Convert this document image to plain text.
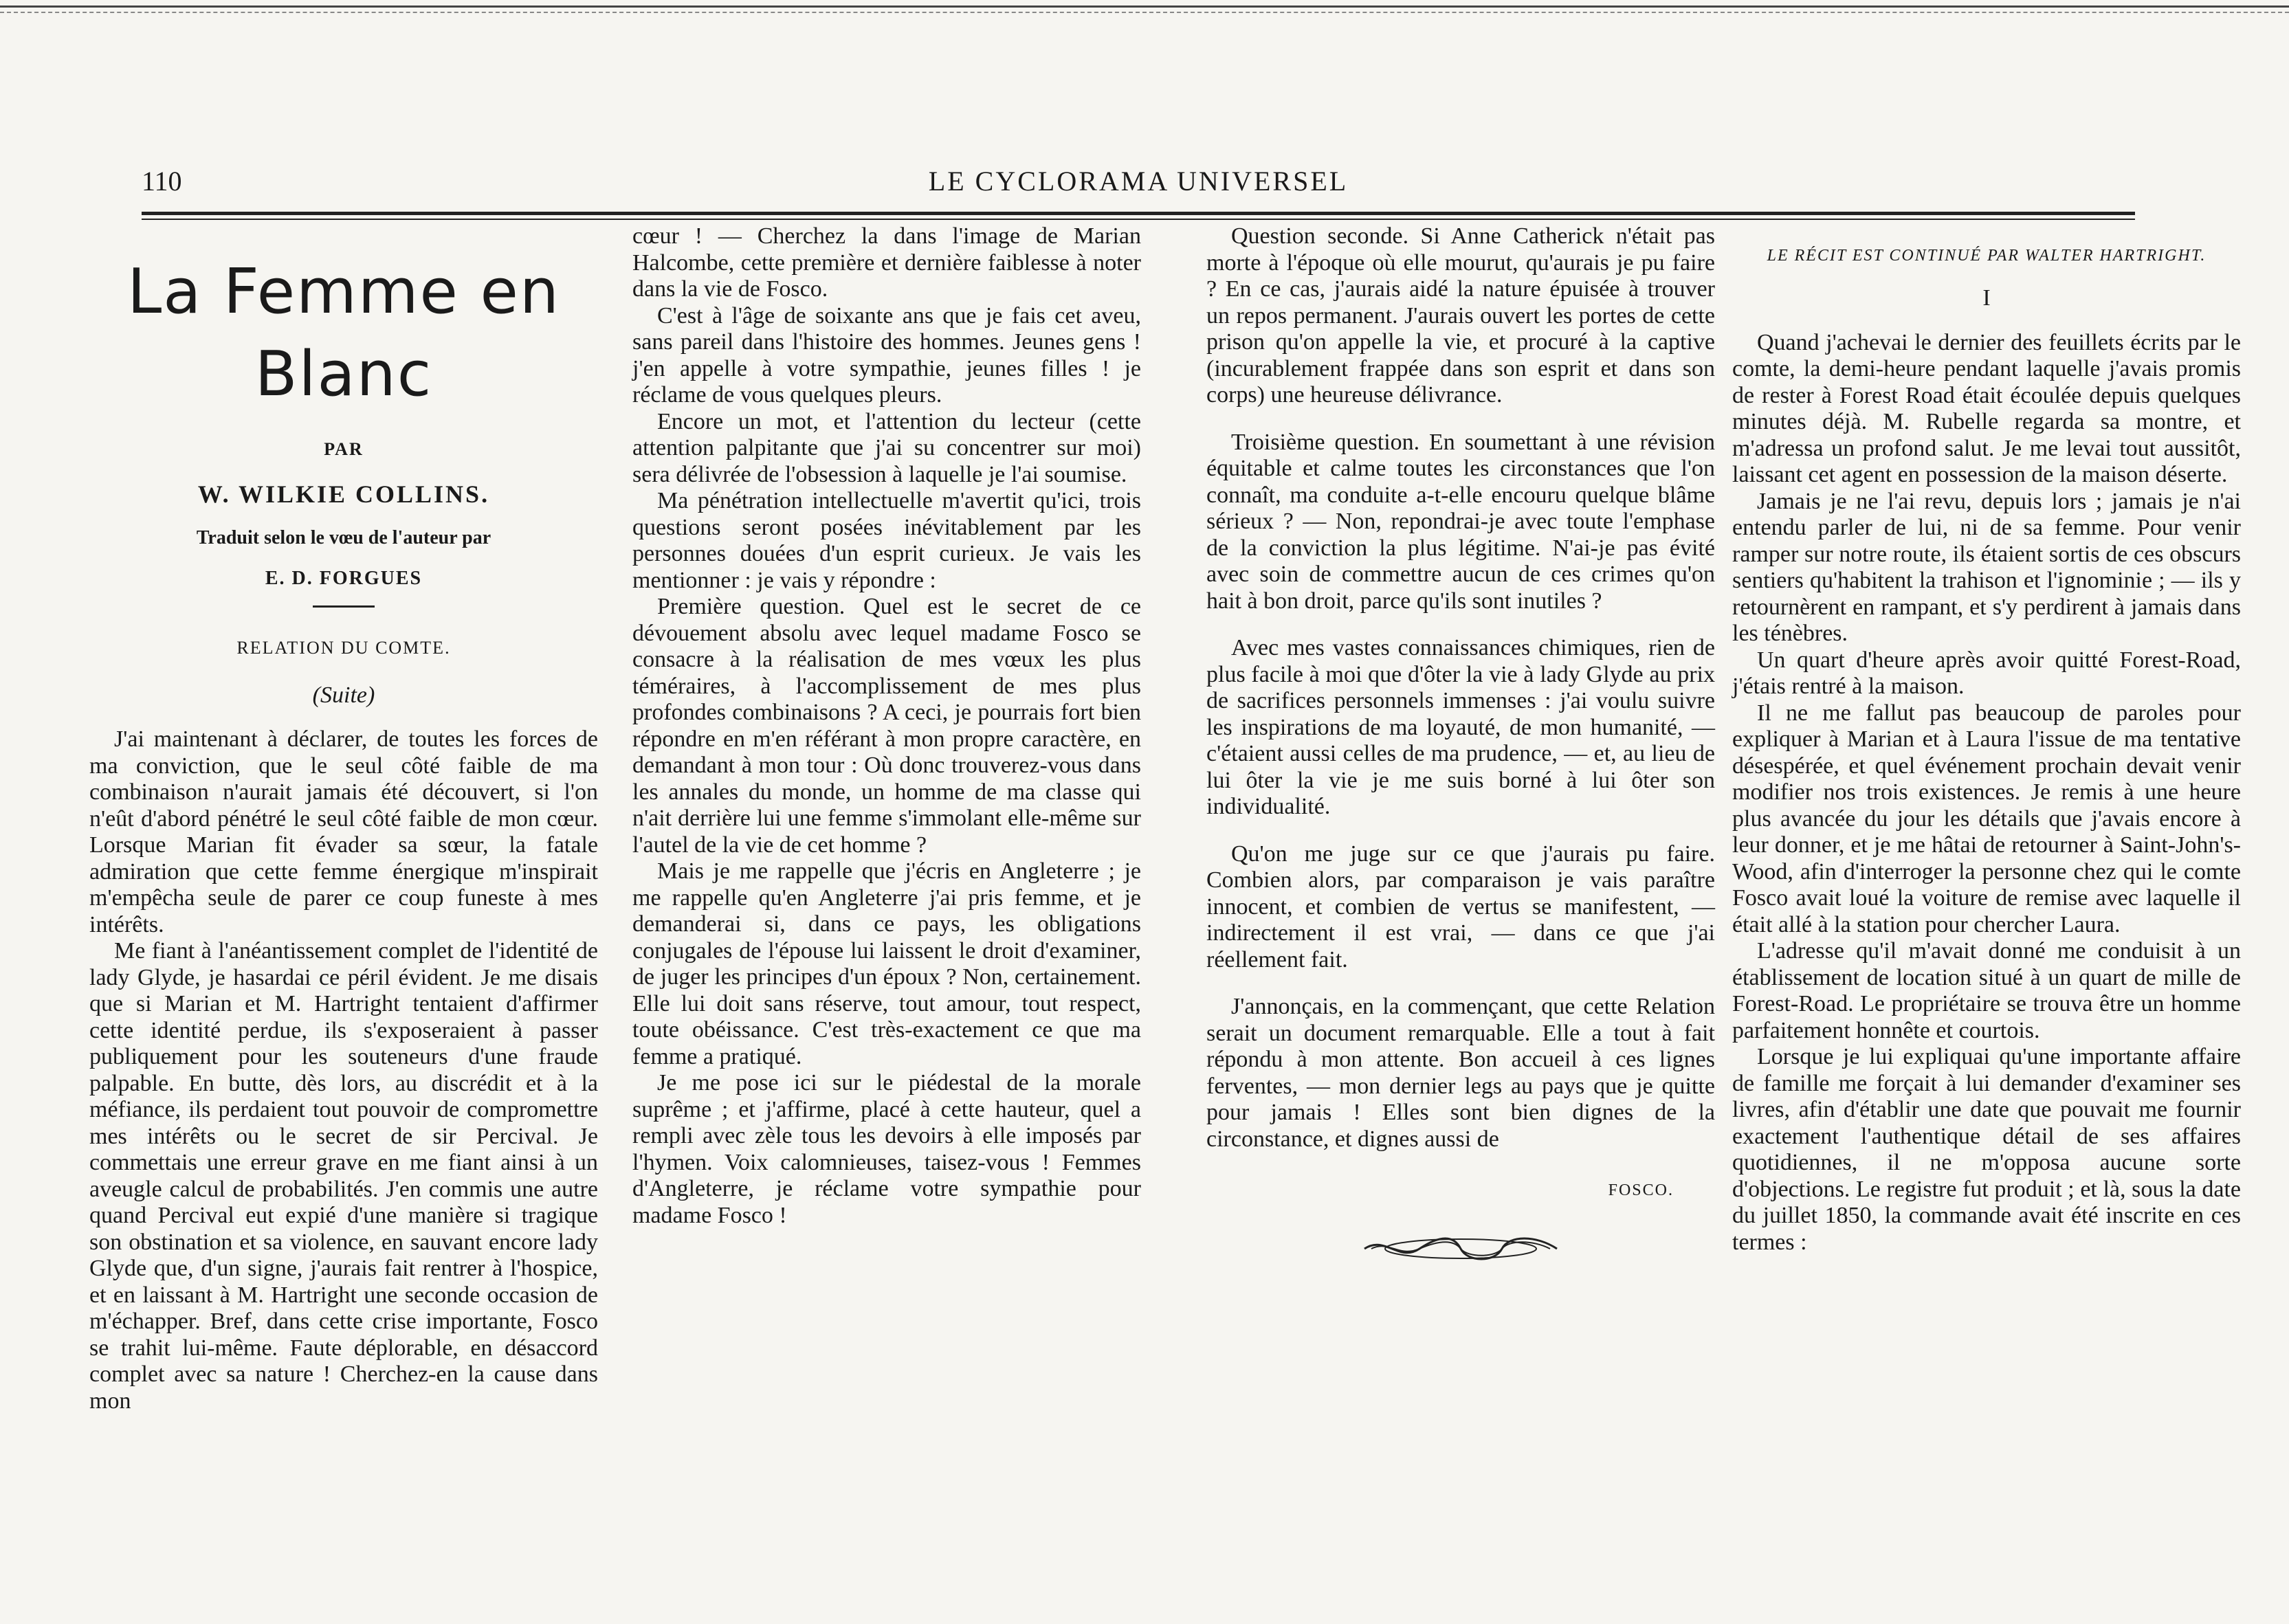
110	LE CYCLORAMA UNIVERSEL
La Femme en Blanc
PAR
W. WILKIE COLLINS.
Traduit selon le vœu de l'auteur par
E. D. FORGUES
RELATION DU COMTE.
(Suite)

J'ai maintenant à déclarer, de toutes les forces de ma conviction, que le seul côté faible de ma combinaison n'aurait jamais été découvert, si l'on n'eût d'abord pénétré le seul côté faible de mon cœur. Lorsque Marian fit évader sa sœur, la fatale admiration que cette femme énergique m'inspirait m'empêcha seule de parer ce coup funeste à mes intérêts.

Me fiant à l'anéantissement complet de l'identité de lady Glyde, je hasardai ce péril évident. Je me disais que si Marian et M. Hartright tentaient d'affirmer cette identité perdue, ils s'exposeraient à passer publiquement pour les souteneurs d'une fraude palpable. En butte, dès lors, au discrédit et à la méfiance, ils perdaient tout pouvoir de compromettre mes intérêts ou le secret de sir Percival. Je commettais une erreur grave en me fiant ainsi à un aveugle calcul de probabilités. J'en commis une autre quand Percival eut expié d'une manière si tragique son obstination et sa violence, en sauvant encore lady Glyde que, d'un signe, j'aurais fait rentrer à l'hospice, et en laissant à M. Hartright une seconde occasion de m'échapper. Bref, dans cette crise importante, Fosco se trahit lui-même. Faute déplorable, en désaccord complet avec sa nature ! Cherchez-en la cause dans mon

cœur ! — Cherchez la dans l'image de Marian Halcombe, cette première et dernière faiblesse à noter dans la vie de Fosco.

C'est à l'âge de soixante ans que je fais cet aveu, sans pareil dans l'histoire des hommes. Jeunes gens ! j'en appelle à votre sympathie, jeunes filles ! je réclame de vous quelques pleurs.

Encore un mot, et l'attention du lecteur (cette attention palpitante que j'ai su concentrer sur moi) sera délivrée de l'obsession à laquelle je l'ai soumise.

Ma pénétration intellectuelle m'avertit qu'ici, trois questions seront posées inévitablement par les personnes douées d'un esprit curieux. Je vais les mentionner : je vais y répondre :

Première question. Quel est le secret de ce dévouement absolu avec lequel madame Fosco se consacre à la réalisation de mes vœux les plus téméraires, à l'accomplissement de mes plus profondes combinaisons ? A ceci, je pourrais fort bien répondre en m'en référant à mon propre caractère, en demandant à mon tour : Où donc trouverez-vous dans les annales du monde, un homme de ma classe qui n'ait derrière lui une femme s'immolant elle-même sur l'autel de la vie de cet homme ?

Mais je me rappelle que j'écris en Angleterre ; je me rappelle qu'en Angleterre j'ai pris femme, et je demanderai si, dans ce pays, les obligations conjugales de l'épouse lui laissent le droit d'examiner, de juger les principes d'un époux ? Non, certainement. Elle lui doit sans réserve, tout amour, tout respect, toute obéissance. C'est très-exactement ce que ma femme a pratiqué.

Je me pose ici sur le piédestal de la morale suprême ; et j'affirme, placé à cette hauteur, quel a rempli avec zèle tous les devoirs à elle imposés par l'hymen. Voix calomnieuses, taisez-vous ! Femmes d'Angleterre, je réclame votre sympathie pour madame Fosco !

Question seconde. Si Anne Catherick n'était pas morte à l'époque où elle mourut, qu'aurais je pu faire ? En ce cas, j'aurais aidé la nature épuisée à trouver un repos permanent. J'aurais ouvert les portes de cette prison qu'on appelle la vie, et procuré à la captive (incurablement frappée dans son esprit et dans son corps) une heureuse délivrance.

Troisième question. En soumettant à une révision équitable et calme toutes les circonstances que l'on connaît, ma conduite a-t-elle encouru quelque blâme sérieux ? — Non, repondrai-je avec toute l'emphase de la conviction la plus légitime. N'ai-je pas évité avec soin de commettre aucun de ces crimes qu'on hait à bon droit, parce qu'ils sont inutiles ?

Avec mes vastes connaissances chimiques, rien de plus facile à moi que d'ôter la vie à lady Glyde au prix de sacrifices personnels immenses : j'ai voulu suivre les inspirations de ma loyauté, de mon humanité, — c'étaient aussi celles de ma prudence, — et, au lieu de lui ôter la vie je me suis borné à lui ôter son individualité.

Qu'on me juge sur ce que j'aurais pu faire. Combien alors, par comparaison je vais paraître innocent, et combien de vertus se manifestent, — indirectement il est vrai, — dans ce que j'ai réellement fait.

J'annonçais, en la commençant, que cette Relation serait un document remarquable. Elle a tout à fait répondu à mon attente. Bon accueil à ces lignes ferventes, — mon dernier legs au pays que je quitte pour jamais ! Elles sont bien dignes de la circonstance, et dignes aussi de

FOSCO.
LE RÉCIT EST CONTINUÉ PAR WALTER HARTRIGHT.
I

Quand j'achevai le dernier des feuillets écrits par le comte, la demi-heure pendant laquelle j'avais promis de rester à Forest Road était écoulée depuis quelques minutes déjà. M. Rubelle regarda sa montre, et m'adressa un profond salut. Je me levai tout aussitôt, laissant cet agent en possession de la maison déserte.

Jamais je ne l'ai revu, depuis lors ; jamais je n'ai entendu parler de lui, ni de sa femme. Pour venir ramper sur notre route, ils étaient sortis de ces obscurs sentiers qu'habitent la trahison et l'ignominie ; — ils y retournèrent en rampant, et s'y perdirent à jamais dans les ténèbres.

Un quart d'heure après avoir quitté Forest-Road, j'étais rentré à la maison.

Il ne me fallut pas beaucoup de paroles pour expliquer à Marian et à Laura l'issue de ma tentative désespérée, et quel événement prochain devait venir modifier nos trois existences. Je remis à une heure plus avancée du jour les détails que j'avais encore à leur donner, et je me hâtai de retourner à Saint-John's-Wood, afin d'interroger la personne chez qui le comte Fosco avait loué la voiture de remise avec laquelle il était allé à la station pour chercher Laura.

L'adresse qu'il m'avait donné me conduisit à un établissement de location situé à un quart de mille de Forest-Road. Le propriétaire se trouva être un homme parfaitement honnête et courtois.

Lorsque je lui expliquai qu'une importante affaire de famille me forçait à lui demander d'examiner ses livres, afin d'établir une date que pouvait me fournir exactement l'authentique détail de ses affaires quotidiennes, il ne m'opposa aucune sorte d'objections. Le registre fut produit ; et là, sous la date du juillet 1850, la commande avait été inscrite en ces termes :
